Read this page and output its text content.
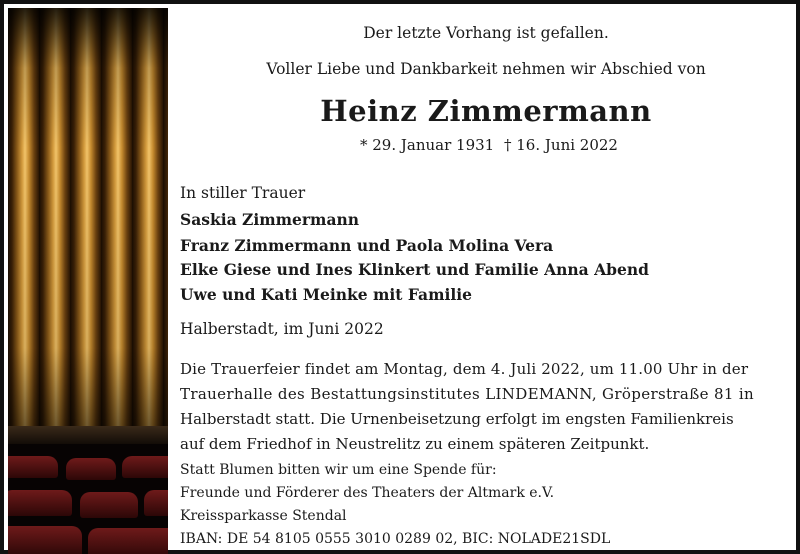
Der letzte Vorhang ist gefallen.
Voller Liebe und Dankbarkeit nehmen wir Abschied von
Heinz Zimmermann
* 29. Januar 1931 † 16. Juni 2022
In stiller Trauer
Saskia Zimmermann
Franz Zimmermann und Paola Molina Vera
Elke Giese und Ines Klinkert und Familie Anna Abend
Uwe und Kati Meinke mit Familie
Halberstadt, im Juni 2022
Die Trauerfeier findet am Montag, dem 4. Juli 2022, um 11.00 Uhr in der
Trauerhalle des Bestattungsinstitutes LINDEMANN, Gröperstraße 81 in
Halberstadt statt. Die Urnenbeisetzung erfolgt im engsten Familienkreis
auf dem Friedhof in Neustrelitz zu einem späteren Zeitpunkt.
Statt Blumen bitten wir um eine Spende für:
Freunde und Förderer des Theaters der Altmark e.V.
Kreissparkasse Stendal
IBAN: DE 54 8105 0555 3010 0289 02, BIC: NOLADE21SDL
